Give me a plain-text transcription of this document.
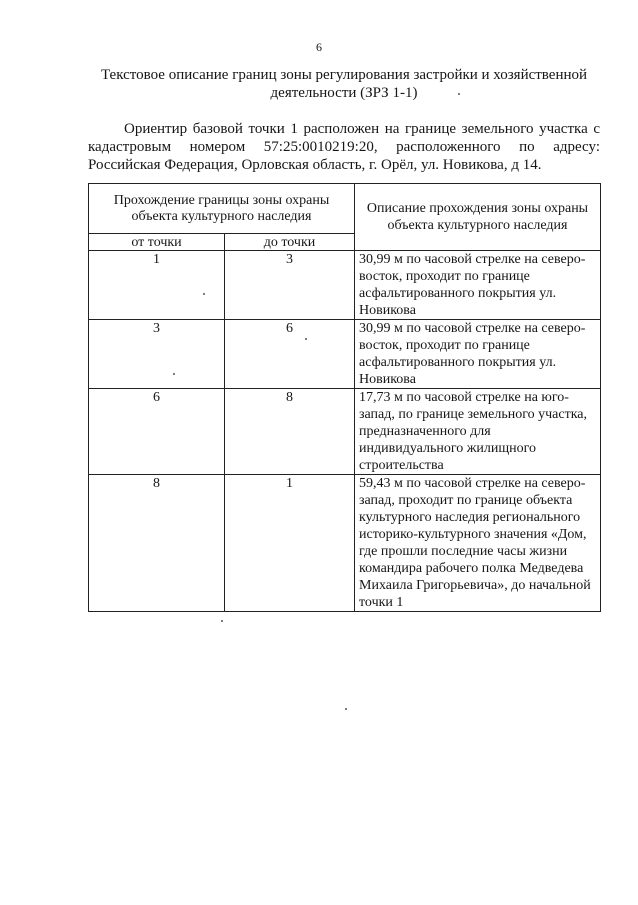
6
Текстовое описание границ зоны регулирования застройки и хозяйственной деятельности (ЗРЗ 1-1)
Ориентир базовой точки 1 расположен на границе земельного участка с кадастровым номером 57:25:0010219:20, расположенного по адресу: Российская Федерация, Орловская область, г. Орёл, ул. Новикова, д 14.
Прохождение границы зоны охраны объекта культурного наследия		Описание прохождения зоны охраны объекта культурного наследия
от точки	до точки	
1	3	30,99 м по часовой стрелке на северо-восток, проходит по границе асфальтированного покрытия ул. Новикова
3	6	30,99 м по часовой стрелке на северо-восток, проходит по границе асфальтированного покрытия ул. Новикова
6	8	17,73 м по часовой стрелке на юго-запад, по границе земельного участка, предназначенного для индивидуального жилищного строительства
8	1	59,43 м по часовой стрелке на северо-запад, проходит по границе объекта культурного наследия регионального историко-культурного значения «Дом, где прошли последние часы жизни командира рабочего полка Медведева Михаила Григорьевича», до начальной точки 1
